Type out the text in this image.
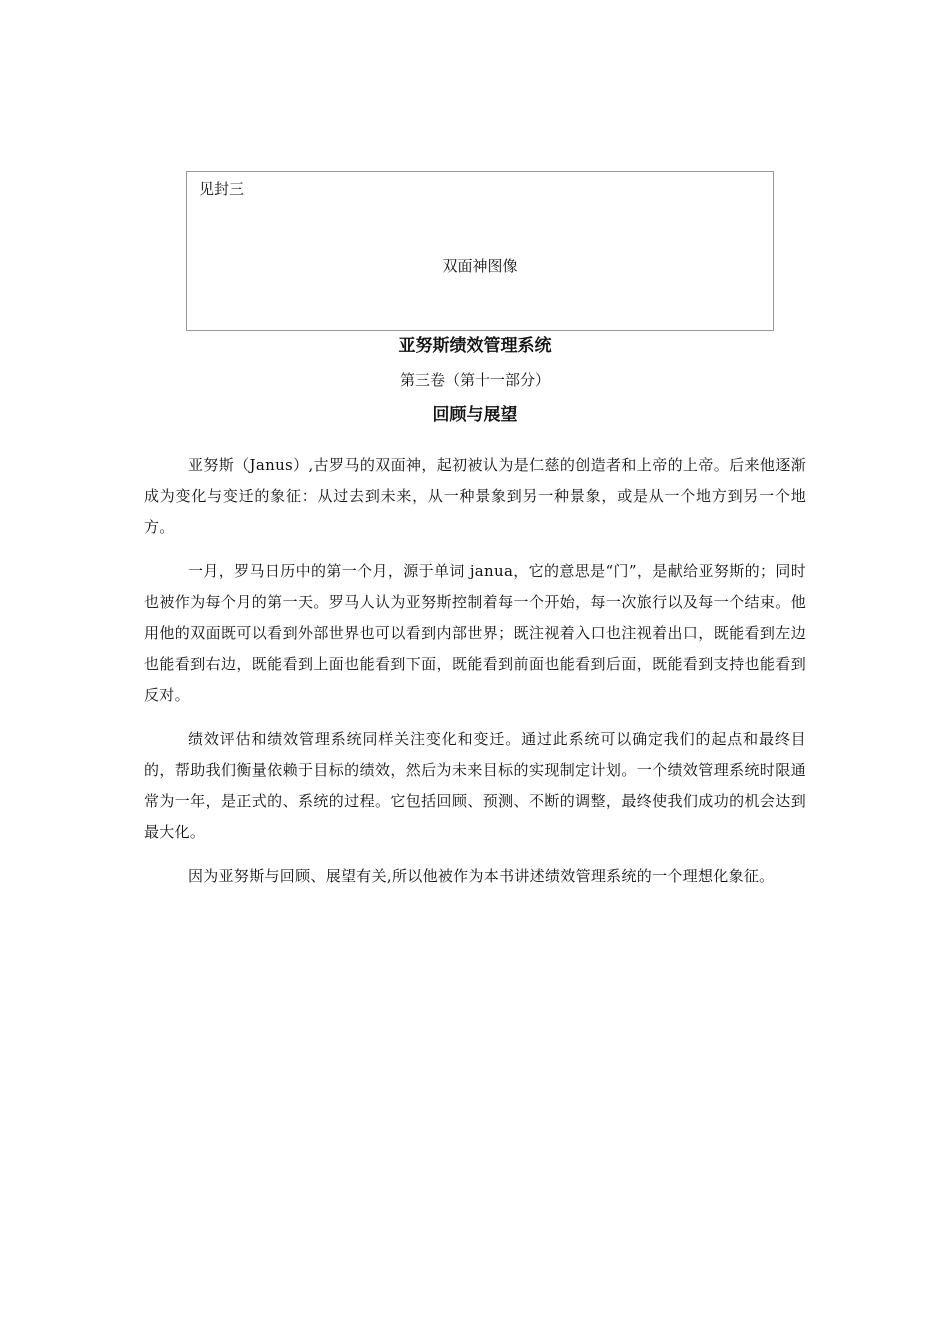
见封三
双面神图像
亚努斯绩效管理系统
第三卷（第十一部分）
回顾与展望

亚努斯（Janus）,古罗马的双面神，起初被认为是仁慈的创造者和上帝的上帝。后来他逐渐成为变化与变迁的象征：从过去到未来，从一种景象到另一种景象，或是从一个地方到另一个地方。

一月，罗马日历中的第一个月，源于单词 janua，它的意思是“门”，是献给亚努斯的；同时也被作为每个月的第一天。罗马人认为亚努斯控制着每一个开始，每一次旅行以及每一个结束。他用他的双面既可以看到外部世界也可以看到内部世界；既注视着入口也注视着出口，既能看到左边也能看到右边，既能看到上面也能看到下面，既能看到前面也能看到后面，既能看到支持也能看到反对。

绩效评估和绩效管理系统同样关注变化和变迁。通过此系统可以确定我们的起点和最终目的，帮助我们衡量依赖于目标的绩效，然后为未来目标的实现制定计划。一个绩效管理系统时限通常为一年，是正式的、系统的过程。它包括回顾、预测、不断的调整，最终使我们成功的机会达到最大化。

因为亚努斯与回顾、展望有关,所以他被作为本书讲述绩效管理系统的一个理想化象征。
